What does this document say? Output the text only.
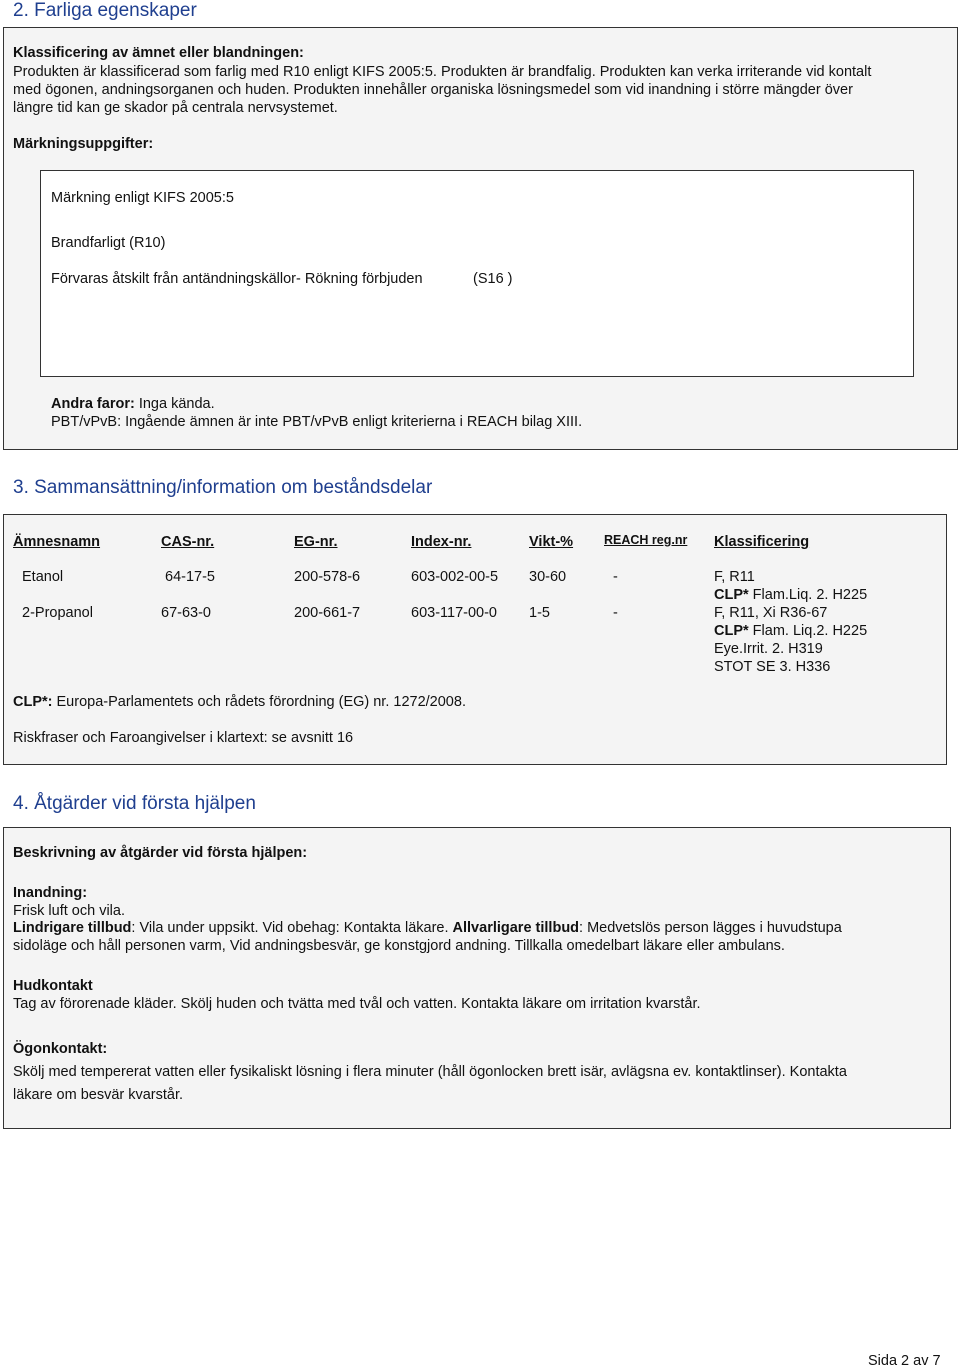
2. Farliga egenskaper
Klassificering av ämnet eller blandningen:
Produkten är klassificerad som farlig med R10 enligt KIFS 2005:5. Produkten är brandfalig. Produkten kan verka irriterande vid kontalt
med ögonen, andningsorganen och huden. Produkten innehåller organiska lösningsmedel som vid inandning i större mängder över
längre tid kan ge skador på centrala nervsystemet.
Märkningsuppgifter:
Märkning enligt KIFS 2005:5
Brandfarligt (R10)
Förvaras åtskilt från antändningskällor- Rökning förbjuden	(S16 )
Andra faror: Inga kända.
PBT/vPvB: Ingående ämnen är inte PBT/vPvB enligt kriterierna i REACH bilag XIII.
3. Sammansättning/information om beståndsdelar
Ämnesnamn	CAS-nr.	EG-nr.	Index-nr.	Vikt-% REACH reg.nr Klassificering
Etanol	64-17-5	200-578-6	603-002-00-5 30-60	-	F, R11
CLP* Flam.Liq. 2. H225
2-Propanol	67-63-0	200-661-7	603-117-00-0 1-5	-	F, R11, Xi R36-67
CLP* Flam. Liq.2. H225
Eye.Irrit. 2. H319
STOT SE 3. H336
CLP*: Europa-Parlamentets och rådets förordning (EG) nr. 1272/2008.
Riskfraser och Faroangivelser i klartext: se avsnitt 16
4. Åtgärder vid första hjälpen
Beskrivning av åtgärder vid första hjälpen:
Inandning:
Frisk luft och vila.
Lindrigare tillbud: Vila under uppsikt. Vid obehag: Kontakta läkare. Allvarligare tillbud: Medvetslös person lägges i huvudstupa
sidoläge och håll personen varm, Vid andningsbesvär, ge konstgjord andning. Tillkalla omedelbart läkare eller ambulans.
Hudkontakt
Tag av förorenade kläder. Skölj huden och tvätta med tvål och vatten. Kontakta läkare om irritation kvarstår.
Ögonkontakt:
Skölj med tempererat vatten eller fysikaliskt lösning i flera minuter (håll ögonlocken brett isär, avlägsna ev. kontaktlinser). Kontakta
läkare om besvär kvarstår.
Sida 2 av 7
